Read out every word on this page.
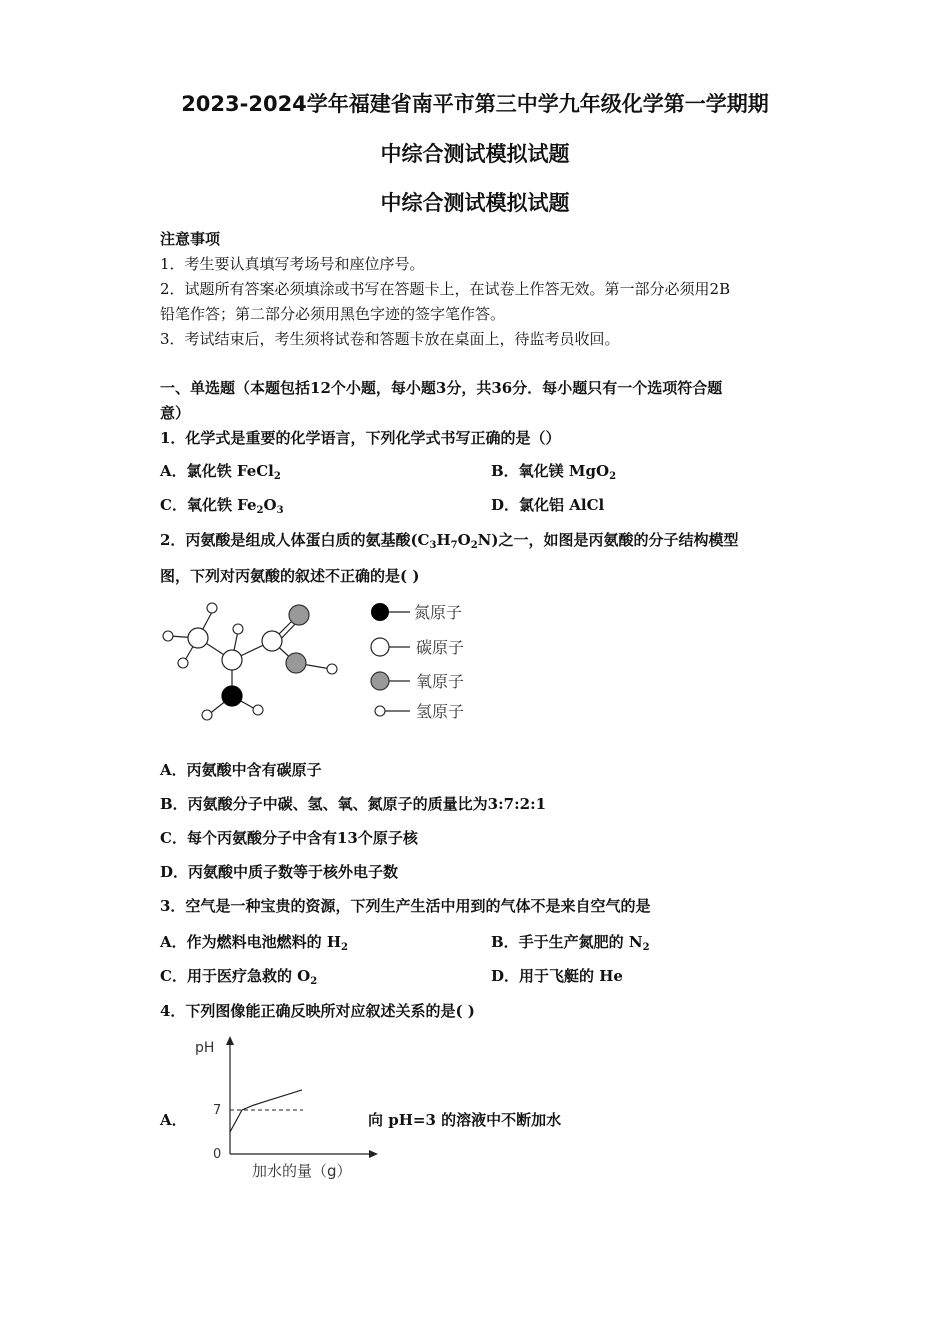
2023-2024学年福建省南平市第三中学九年级化学第一学期期
中综合测试模拟试题
中综合测试模拟试题
注意事项
1．考生要认真填写考场号和座位序号。
2．试题所有答案必须填涂或书写在答题卡上，在试卷上作答无效。第一部分必须用2B
铅笔作答；第二部分必须用黑色字迹的签字笔作答。
3．考试结束后，考生须将试卷和答题卡放在桌面上，待监考员收回。
一、单选题（本题包括12个小题，每小题3分，共36分．每小题只有一个选项符合题
意）
1．化学式是重要的化学语言，下列化学式书写正确的是（）
A．氯化铁 FeCl$_2$	B．氧化镁 MgO$_2$
C．氧化铁 $Fe_2O_3$	D．氯化铝 AlCl
2．丙氨酸是组成人体蛋白质的氨基酸$(C_3H_7O_2N)$之一，如图是丙氨酸的分子结构模型
图，下列对丙氨酸的叙述不正确的是( )
氮原子
碳原子
氧原子
氢原子
A．丙氨酸中含有碳原子
B．丙氨酸分子中碳、氢、氧、氮原子的质量比为3:7:2:1
C．每个丙氨酸分子中含有13个原子核
D．丙氨酸中质子数等于核外电子数
3．空气是一种宝贵的资源，下列生产生活中用到的气体不是来自空气的是
A．作为燃料电池燃料的 $H_2$	B．手于生产氮肥的 $N_2$
C．用于医疗急救的 $O_2$	D．用于飞艇的 He
4．下列图像能正确反映所对应叙述关系的是( )
A．	向 pH=3 的溶液中不断加水
pH
7
0
加水的量（g）
